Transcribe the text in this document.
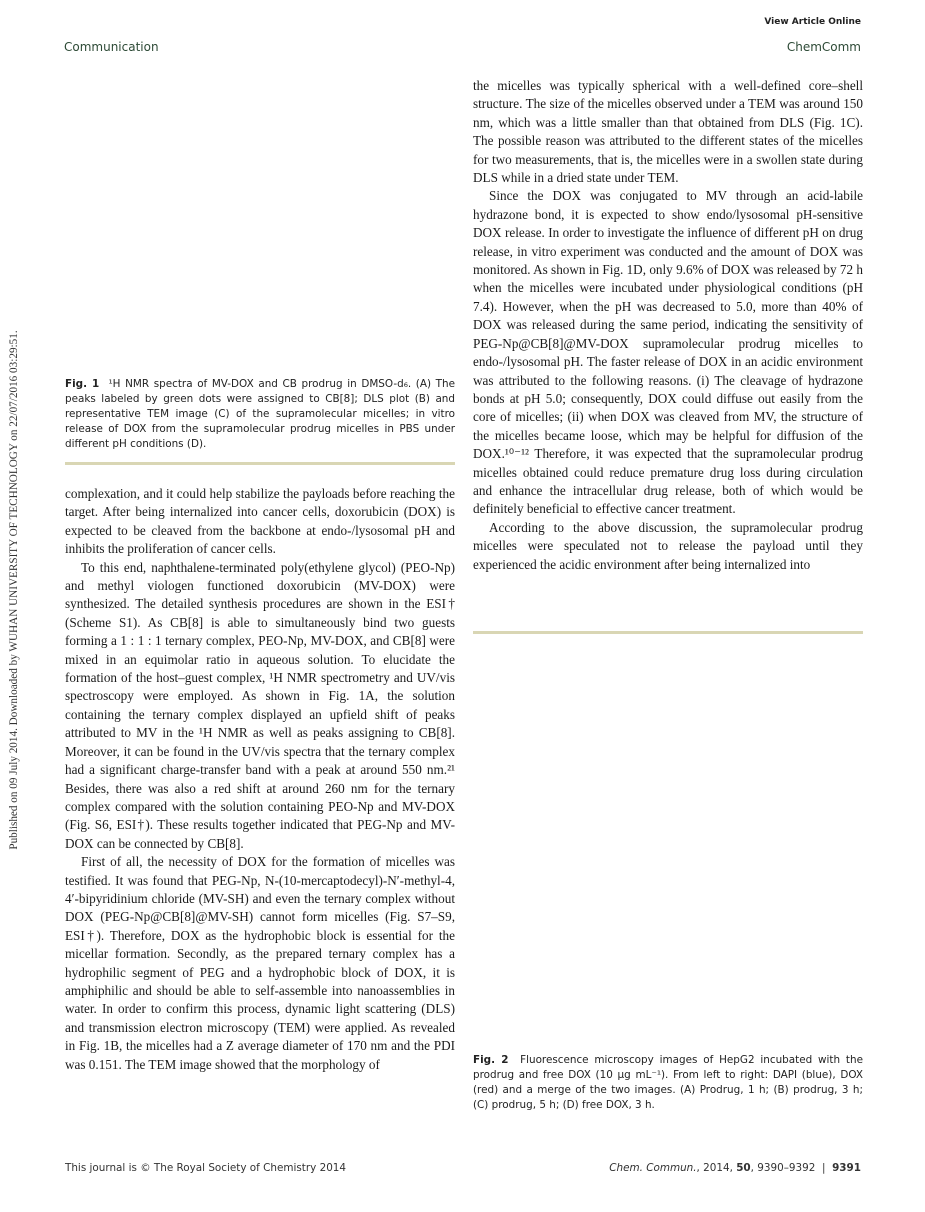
View Article Online
Communication	ChemComm
Published on 09 July 2014. Downloaded by WUHAN UNIVERSITY OF TECHNOLOGY on 22/07/2016 03:29:51.	Fig. 1 ¹H NMR spectra of MV-DOX and CB prodrug in DMSO-d₆. (A) The peaks labeled by green dots were assigned to CB[8]; DLS plot (B) and representative TEM image (C) of the supramolecular micelles; in vitro release of DOX from the supramolecular prodrug micelles in PBS under different pH conditions (D).

complexation, and it could help stabilize the payloads before reaching the target. After being internalized into cancer cells, doxorubicin (DOX) is expected to be cleaved from the backbone at endo-/lysosomal pH and inhibits the proliferation of cancer cells.

To this end, naphthalene-terminated poly(ethylene glycol) (PEO-Np) and methyl viologen functioned doxorubicin (MV-DOX) were synthesized. The detailed synthesis procedures are shown in the ESI† (Scheme S1). As CB[8] is able to simultaneously bind two guests forming a 1 : 1 : 1 ternary complex, PEO-Np, MV-DOX, and CB[8] were mixed in an equimolar ratio in aqueous solution. To elucidate the formation of the host–guest complex, ¹H NMR spectrometry and UV/vis spectroscopy were employed. As shown in Fig. 1A, the solution containing the ternary complex displayed an upfield shift of peaks attributed to MV in the ¹H NMR as well as peaks assigning to CB[8]. Moreover, it can be found in the UV/vis spectra that the ternary complex had a significant charge-transfer band with a peak at around 550 nm.²¹ Besides, there was also a red shift at around 260 nm for the ternary complex compared with the solution containing PEO-Np and MV-DOX (Fig. S6, ESI†). These results together indicated that PEG-Np and MV-DOX can be connected by CB[8].

First of all, the necessity of DOX for the formation of micelles was testified. It was found that PEG-Np, N-(10-mercaptodecyl)-N′-methyl-4, 4′-bipyridinium chloride (MV-SH) and even the ternary complex without DOX (PEG-Np@CB[8]@MV-SH) cannot form micelles (Fig. S7–S9, ESI†). Therefore, DOX as the hydrophobic block is essential for the micellar formation. Secondly, as the prepared ternary complex has a hydrophilic segment of PEG and a hydrophobic block of DOX, it is amphiphilic and should be able to self-assemble into nanoassemblies in water. In order to confirm this process, dynamic light scattering (DLS) and transmission electron microscopy (TEM) were applied. As revealed in Fig. 1B, the micelles had a Z average diameter of 170 nm and the PDI was 0.151. The TEM image showed that the morphology of

the micelles was typically spherical with a well-defined core–shell structure. The size of the micelles observed under a TEM was around 150 nm, which was a little smaller than that obtained from DLS (Fig. 1C). The possible reason was attributed to the different states of the micelles for two measurements, that is, the micelles were in a swollen state during DLS while in a dried state under TEM.

Since the DOX was conjugated to MV through an acid-labile hydrazone bond, it is expected to show endo/lysosomal pH-sensitive DOX release. In order to investigate the influence of different pH on drug release, in vitro experiment was conducted and the amount of DOX was monitored. As shown in Fig. 1D, only 9.6% of DOX was released by 72 h when the micelles were incubated under physiological conditions (pH 7.4). However, when the pH was decreased to 5.0, more than 40% of DOX was released during the same period, indicating the sensitivity of PEG-Np@CB[8]@MV-DOX supramolecular prodrug micelles to endo-/lysosomal pH. The faster release of DOX in an acidic environment was attributed to the following reasons. (i) The cleavage of hydrazone bonds at pH 5.0; consequently, DOX could diffuse out easily from the core of micelles; (ii) when DOX was cleaved from MV, the structure of the micelles became loose, which may be helpful for diffusion of the DOX.¹⁰⁻¹² Therefore, it was expected that the supramolecular prodrug micelles obtained could reduce premature drug loss during circulation and enhance the intracellular drug release, both of which would be definitely beneficial to effective cancer treatment.

According to the above discussion, the supramolecular prodrug micelles were speculated not to release the payload until they experienced the acidic environment after being internalized into

Fig. 2 Fluorescence microscopy images of HepG2 incubated with the prodrug and free DOX (10 μg mL⁻¹). From left to right: DAPI (blue), DOX (red) and a merge of the two images. (A) Prodrug, 1 h; (B) prodrug, 3 h; (C) prodrug, 5 h; (D) free DOX, 3 h.
This journal is © The Royal Society of Chemistry 2014	Chem. Commun., 2014, 50, 9390–9392  |  9391
